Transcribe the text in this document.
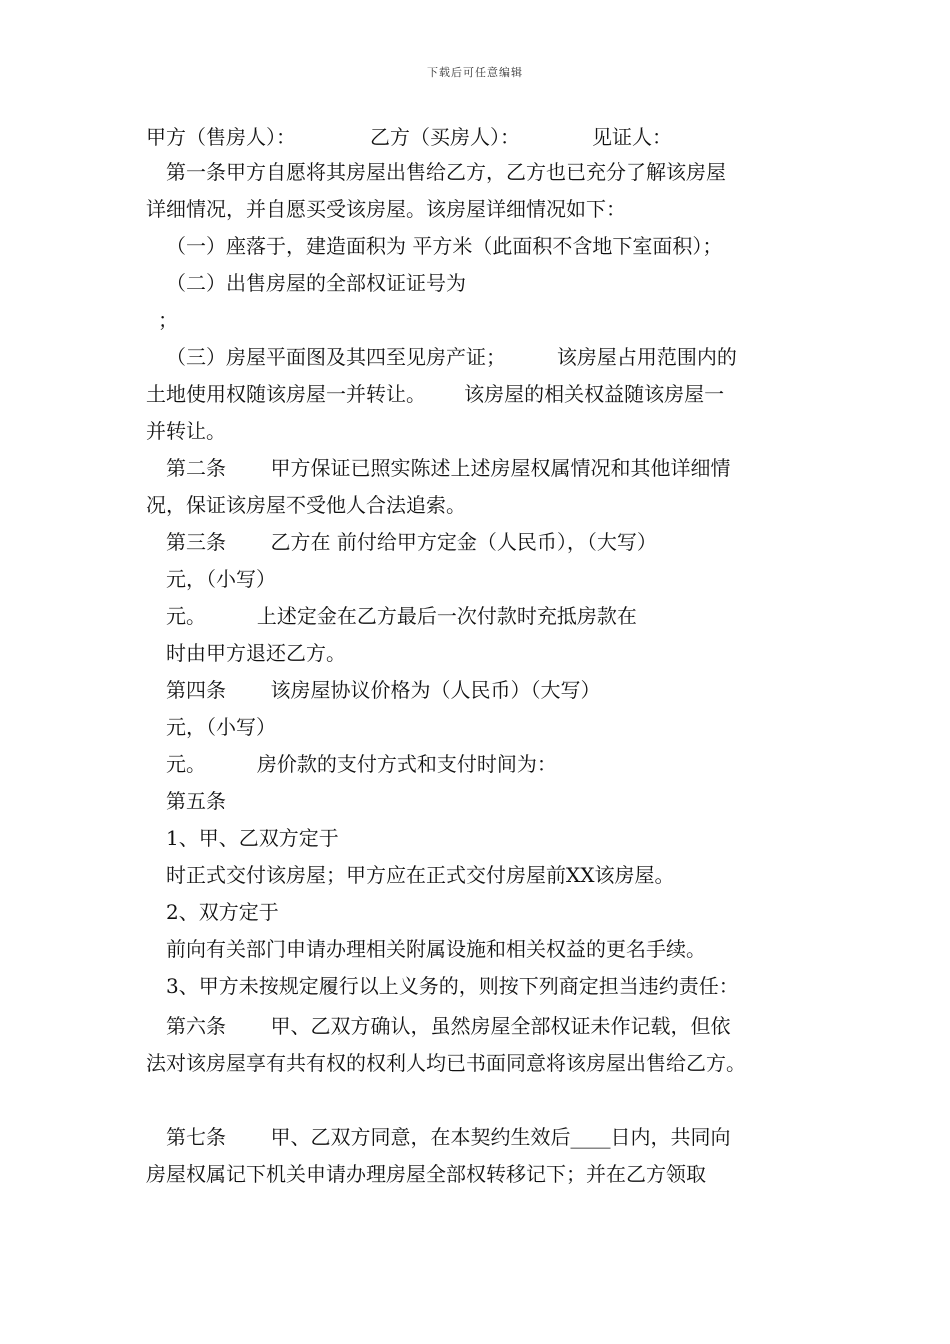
下载后可任意编辑
甲方（售房人）：	乙方（买房人）：	见证人：
第一条甲方自愿将其房屋出售给乙方，乙方也已充分了解该房屋
详细情况，并自愿买受该房屋。该房屋详细情况如下：
（一）座落于，建造面积为 平方米（此面积不含地下室面积）；
（二）出售房屋的全部权证证号为
；
（三）房屋平面图及其四至见房产证；        该房屋占用范围内的
土地使用权随该房屋一并转让。      该房屋的相关权益随该房屋一
并转让。
第二条       甲方保证已照实陈述上述房屋权属情况和其他详细情
况，保证该房屋不受他人合法追索。
第三条       乙方在 前付给甲方定金（人民币），（大写）
元，（小写）
元。        上述定金在乙方最后一次付款时充抵房款在
时由甲方退还乙方。
第四条       该房屋协议价格为（人民币）（大写）
元，（小写）
元。        房价款的支付方式和支付时间为：
第五条
1、甲、乙双方定于
时正式交付该房屋；甲方应在正式交付房屋前XX该房屋。
2、双方定于
前向有关部门申请办理相关附属设施和相关权益的更名手续。
3、甲方未按规定履行以上义务的，则按下列商定担当违约责任：
第六条       甲、乙双方确认，虽然房屋全部权证未作记载，但依
法对该房屋享有共有权的权利人均已书面同意将该房屋出售给乙方。
第七条       甲、乙双方同意，在本契约生效后____日内，共同向
房屋权属记下机关申请办理房屋全部权转移记下；并在乙方领取
